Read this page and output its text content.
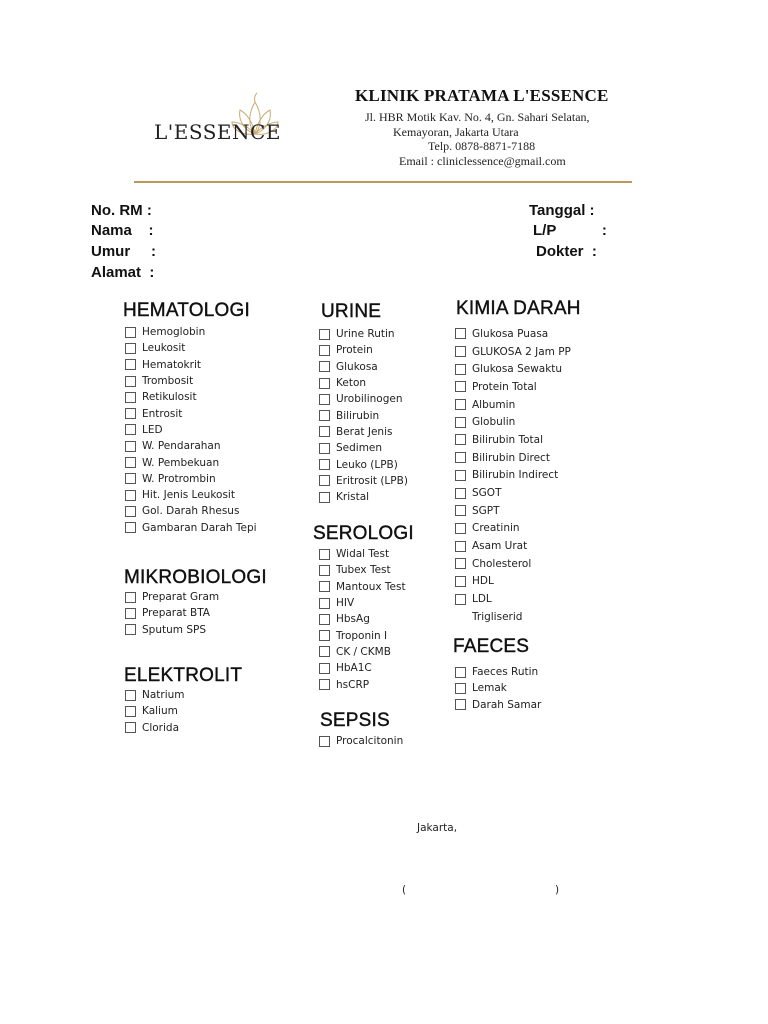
L'ESSENCE
KLINIK PRATAMA L'ESSENCE
Jl. HBR Motik Kav. No. 4, Gn. Sahari Selatan,
Kemayoran, Jakarta Utara
Telp. 0878-8871-7188
Email : cliniclessence@gmail.com
No. RM :
Nama    :
Umur     :
Alamat  :
Tanggal :
L/P           :
Dokter  :
HEMATOLOGI
MIKROBIOLOGI
ELEKTROLIT
URINE
SEROLOGI
SEPSIS
KIMIA DARAH
FAECES
Hemoglobin
Leukosit
Hematokrit
Trombosit
Retikulosit
Entrosit
LED
W. Pendarahan
W. Pembekuan
W. Protrombin
Hit. Jenis Leukosit
Gol. Darah Rhesus
Gambaran Darah Tepi
Preparat Gram
Preparat BTA
Sputum SPS
Natrium
Kalium
Clorida
Urine Rutin
Protein
Glukosa
Keton
Urobilinogen
Bilirubin
Berat Jenis
Sedimen
Leuko (LPB)
Eritrosit (LPB)
Kristal
Widal Test
Tubex Test
Mantoux Test
HIV
HbsAg
Troponin I
CK / CKMB
HbA1C
hsCRP
Procalcitonin
Glukosa Puasa
GLUKOSA 2 Jam PP
Glukosa Sewaktu
Protein Total
Albumin
Globulin
Bilirubin Total
Bilirubin Direct
Bilirubin Indirect
SGOT
SGPT
Creatinin
Asam Urat
Cholesterol
HDL
LDL
Trigliserid
Faeces Rutin
Lemak
Darah Samar
Jakarta,
(	)
